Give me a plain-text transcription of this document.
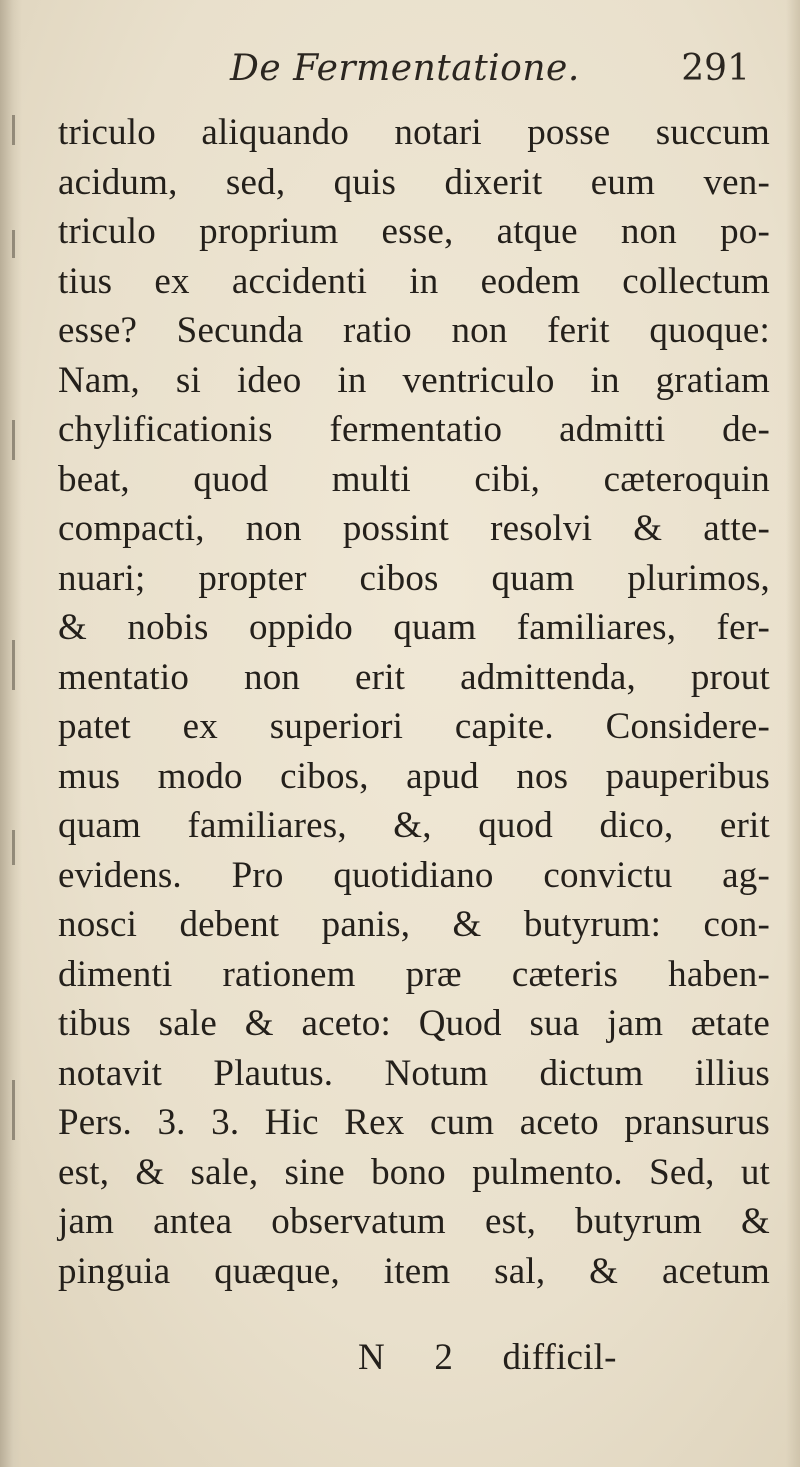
De Fermentatione.	291
triculo aliquando notari posse succum
acidum, sed, quis dixerit eum ven-
triculo proprium esse, atque non po-
tius ex accidenti in eodem collectum
esse? Secunda ratio non ferit quoque:
Nam, si ideo in ventriculo in gratiam
chylificationis fermentatio admitti de-
beat, quod multi cibi, cæteroquin
compacti, non possint resolvi & atte-
nuari; propter cibos quam plurimos,
& nobis oppido quam familiares, fer-
mentatio non erit admittenda, prout
patet ex superiori capite. Considere-
mus modo cibos, apud nos pauperibus
quam familiares, &, quod dico, erit
evidens. Pro quotidiano convictu ag-
nosci debent panis, & butyrum: con-
dimenti rationem præ cæteris haben-
tibus sale & aceto: Quod sua jam ætate
notavit Plautus. Notum dictum illius
Pers. 3. 3. Hic Rex cum aceto pransurus
est, & sale, sine bono pulmento. Sed, ut
jam antea observatum est, butyrum &
pinguia quæque, item sal, & acetum
N 2 difficil-
